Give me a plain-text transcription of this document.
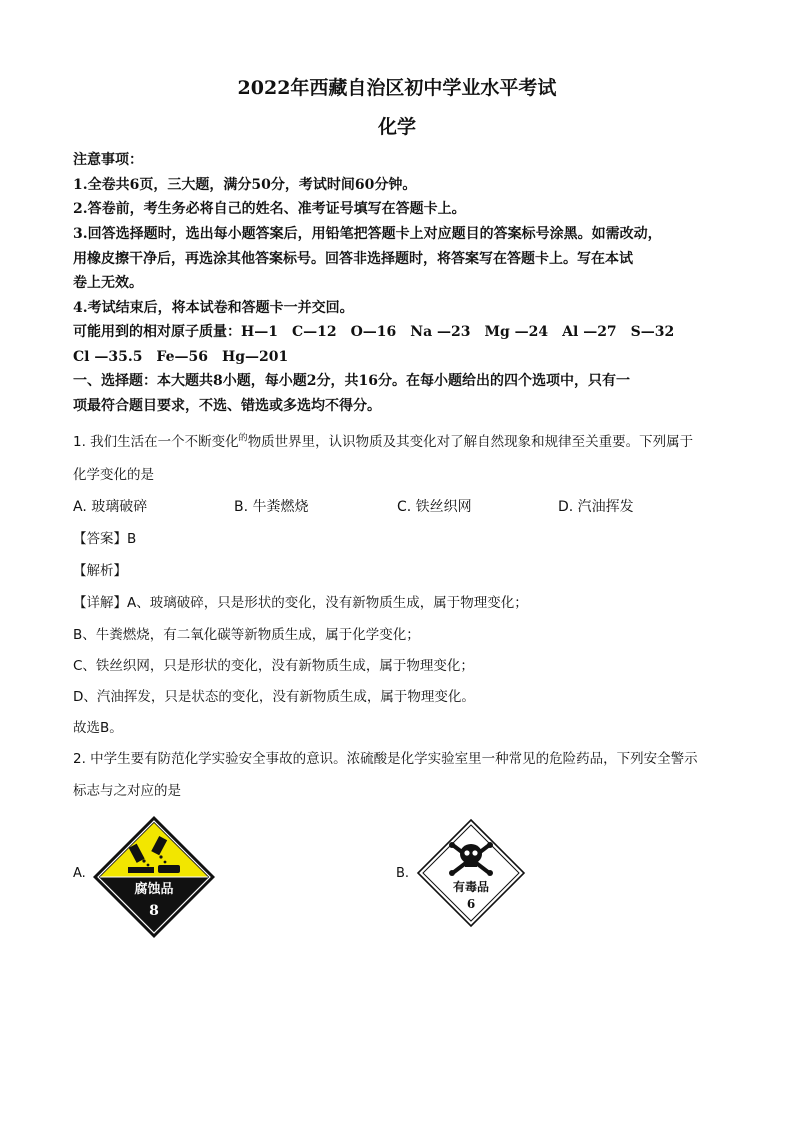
2022年西藏自治区初中学业水平考试
化学
注意事项：
1.全卷共6页，三大题，满分50分，考试时间60分钟。
2.答卷前，考生务必将自己的姓名、准考证号填写在答题卡上。
3.回答选择题时，选出每小题答案后，用铅笔把答题卡上对应题目的答案标号涂黑。如需改动，
用橡皮擦干净后，再选涂其他答案标号。回答非选择题时，将答案写在答题卡上。写在本试
卷上无效。
4.考试结束后，将本试卷和答题卡一并交回。
可能用到的相对原子质量：H—1　C—12　O—16　Na —23　Mg —24　Al —27　S—32
Cl —35.5　Fe—56　Hg—201
一、选择题：本大题共8小题，每小题2分，共16分。在每小题给出的四个选项中，只有一
项最符合题目要求，不选、错选或多选均不得分。
1. 我们生活在一个不断变化$^的$物质世界里，认识物质及其变化对了解自然现象和规律至关重要。下列属于
化学变化的是
A. 玻璃破碎	B. 牛粪燃烧	C. 铁丝织网	D. 汽油挥发
【答案】B
【解析】
【详解】A、玻璃破碎，只是形状的变化，没有新物质生成，属于物理变化；
B、牛粪燃烧，有二氧化碳等新物质生成，属于化学变化；
C、铁丝织网，只是形状的变化，没有新物质生成，属于物理变化；
D、汽油挥发，只是状态的变化，没有新物质生成，属于物理变化。
故选B。
2. 中学生要有防范化学实验安全事故的意识。浓硫酸是化学实验室里一种常见的危险药品，下列安全警示
标志与之对应的是
A.	B.
腐蚀品
8
有毒品
6
